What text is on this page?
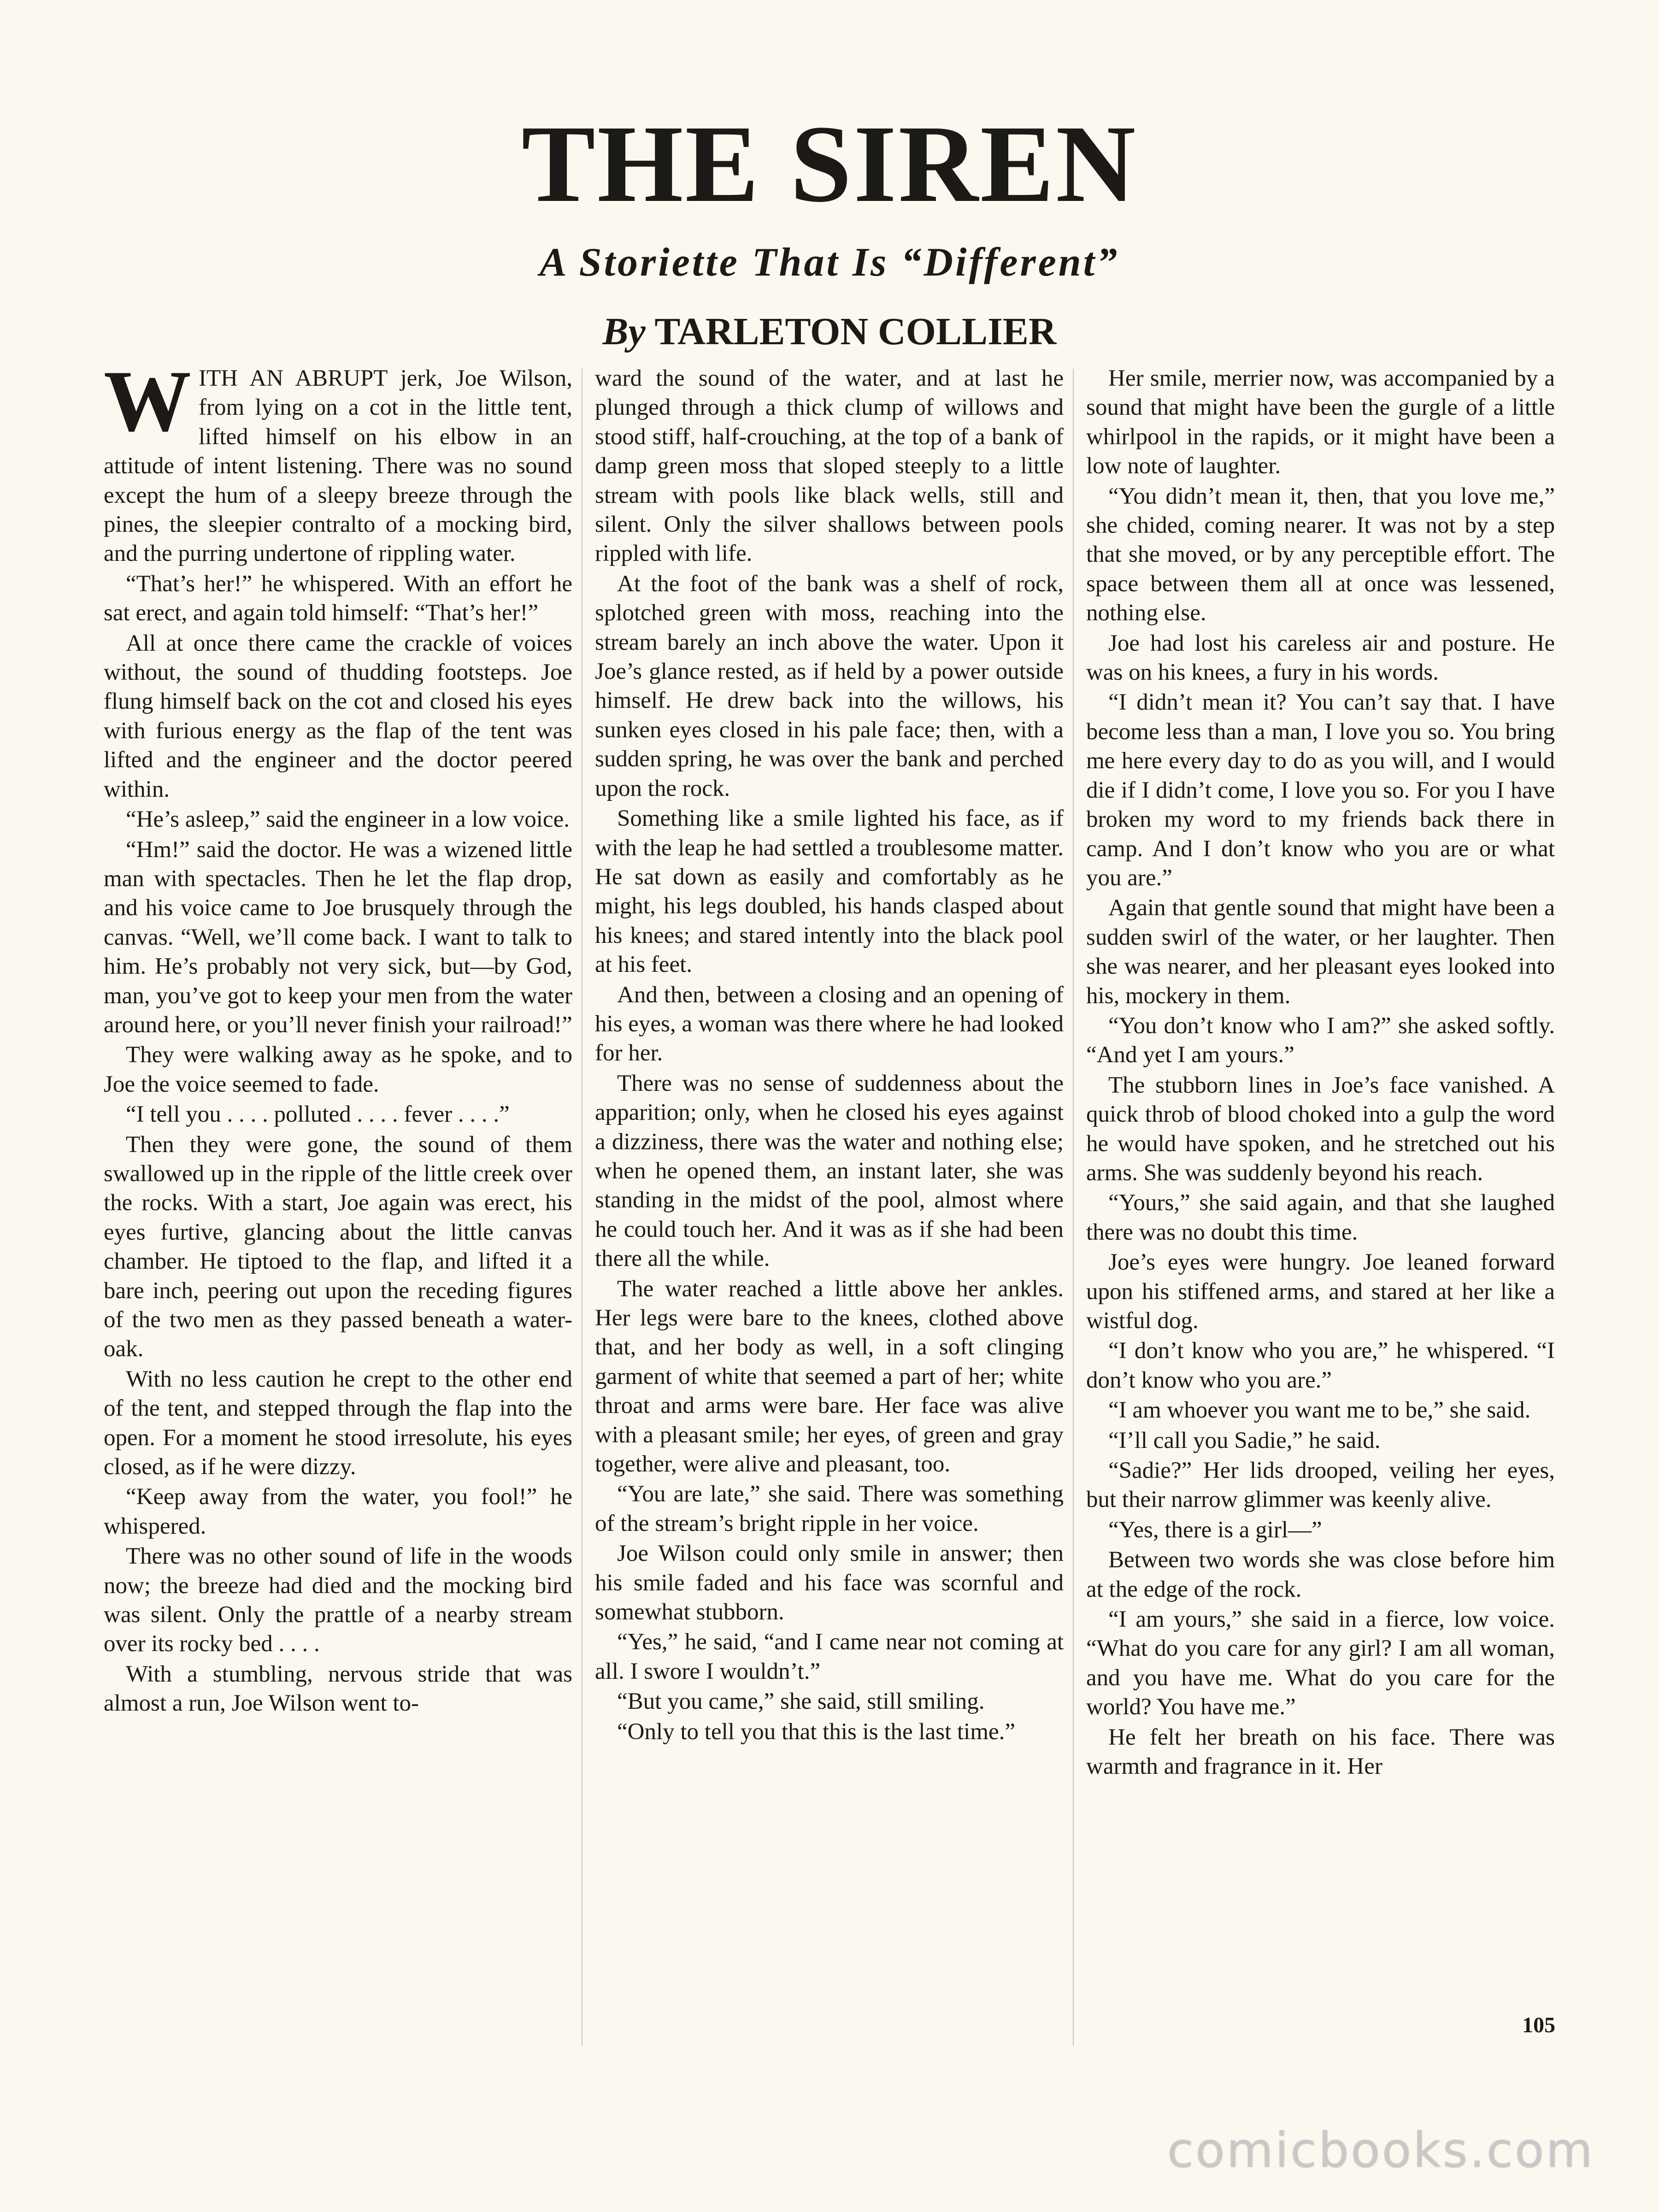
THE SIREN
A Storiette That Is “Different”
By TARLETON COLLIER

WITH AN ABRUPT jerk, Joe Wilson, from lying on a cot in the little tent, lifted himself on his elbow in an attitude of intent listening. There was no sound except the hum of a sleepy breeze through the pines, the sleepier contralto of a mocking bird, and the purring undertone of rippling water.

“That’s her!” he whispered. With an effort he sat erect, and again told himself: “That’s her!”

All at once there came the crackle of voices without, the sound of thudding footsteps. Joe flung himself back on the cot and closed his eyes with furious energy as the flap of the tent was lifted and the engineer and the doctor peered within.

“He’s asleep,” said the engineer in a low voice.

“Hm!” said the doctor. He was a wizened little man with spectacles. Then he let the flap drop, and his voice came to Joe brusquely through the canvas. “Well, we’ll come back. I want to talk to him. He’s probably not very sick, but—by God, man, you’ve got to keep your men from the water around here, or you’ll never finish your railroad!”

They were walking away as he spoke, and to Joe the voice seemed to fade.

“I tell you . . . . polluted . . . . fever . . . .”

Then they were gone, the sound of them swallowed up in the ripple of the little creek over the rocks. With a start, Joe again was erect, his eyes furtive, glancing about the little canvas chamber. He tiptoed to the flap, and lifted it a bare inch, peering out upon the receding figures of the two men as they passed beneath a water-oak.

With no less caution he crept to the other end of the tent, and stepped through the flap into the open. For a moment he stood irresolute, his eyes closed, as if he were dizzy.

“Keep away from the water, you fool!” he whispered.

There was no other sound of life in the woods now; the breeze had died and the mocking bird was silent. Only the prattle of a nearby stream over its rocky bed . . . .

With a stumbling, nervous stride that was almost a run, Joe Wilson went to-

ward the sound of the water, and at last he plunged through a thick clump of willows and stood stiff, half-crouching, at the top of a bank of damp green moss that sloped steeply to a little stream with pools like black wells, still and silent. Only the silver shallows between pools rippled with life.

At the foot of the bank was a shelf of rock, splotched green with moss, reaching into the stream barely an inch above the water. Upon it Joe’s glance rested, as if held by a power outside himself. He drew back into the willows, his sunken eyes closed in his pale face; then, with a sudden spring, he was over the bank and perched upon the rock.

Something like a smile lighted his face, as if with the leap he had settled a troublesome matter. He sat down as easily and comfortably as he might, his legs doubled, his hands clasped about his knees; and stared intently into the black pool at his feet.

And then, between a closing and an opening of his eyes, a woman was there where he had looked for her.

There was no sense of suddenness about the apparition; only, when he closed his eyes against a dizziness, there was the water and nothing else; when he opened them, an instant later, she was standing in the midst of the pool, almost where he could touch her. And it was as if she had been there all the while.

The water reached a little above her ankles. Her legs were bare to the knees, clothed above that, and her body as well, in a soft clinging garment of white that seemed a part of her; white throat and arms were bare. Her face was alive with a pleasant smile; her eyes, of green and gray together, were alive and pleasant, too.

“You are late,” she said. There was something of the stream’s bright ripple in her voice.

Joe Wilson could only smile in answer; then his smile faded and his face was scornful and somewhat stubborn.

“Yes,” he said, “and I came near not coming at all. I swore I wouldn’t.”

“But you came,” she said, still smiling.

“Only to tell you that this is the last time.”

Her smile, merrier now, was accompanied by a sound that might have been the gurgle of a little whirlpool in the rapids, or it might have been a low note of laughter.

“You didn’t mean it, then, that you love me,” she chided, coming nearer. It was not by a step that she moved, or by any perceptible effort. The space between them all at once was lessened, nothing else.

Joe had lost his careless air and posture. He was on his knees, a fury in his words.

“I didn’t mean it? You can’t say that. I have become less than a man, I love you so. You bring me here every day to do as you will, and I would die if I didn’t come, I love you so. For you I have broken my word to my friends back there in camp. And I don’t know who you are or what you are.”

Again that gentle sound that might have been a sudden swirl of the water, or her laughter. Then she was nearer, and her pleasant eyes looked into his, mockery in them.

“You don’t know who I am?” she asked softly. “And yet I am yours.”

The stubborn lines in Joe’s face vanished. A quick throb of blood choked into a gulp the word he would have spoken, and he stretched out his arms. She was suddenly beyond his reach.

“Yours,” she said again, and that she laughed there was no doubt this time.

Joe’s eyes were hungry. Joe leaned forward upon his stiffened arms, and stared at her like a wistful dog.

“I don’t know who you are,” he whispered. “I don’t know who you are.”

“I am whoever you want me to be,” she said.

“I’ll call you Sadie,” he said.

“Sadie?” Her lids drooped, veiling her eyes, but their narrow glimmer was keenly alive.

“Yes, there is a girl—”

Between two words she was close before him at the edge of the rock.

“I am yours,” she said in a fierce, low voice. “What do you care for any girl? I am all woman, and you have me. What do you care for the world? You have me.”

He felt her breath on his face. There was warmth and fragrance in it. Her

105
comicbooks.com
